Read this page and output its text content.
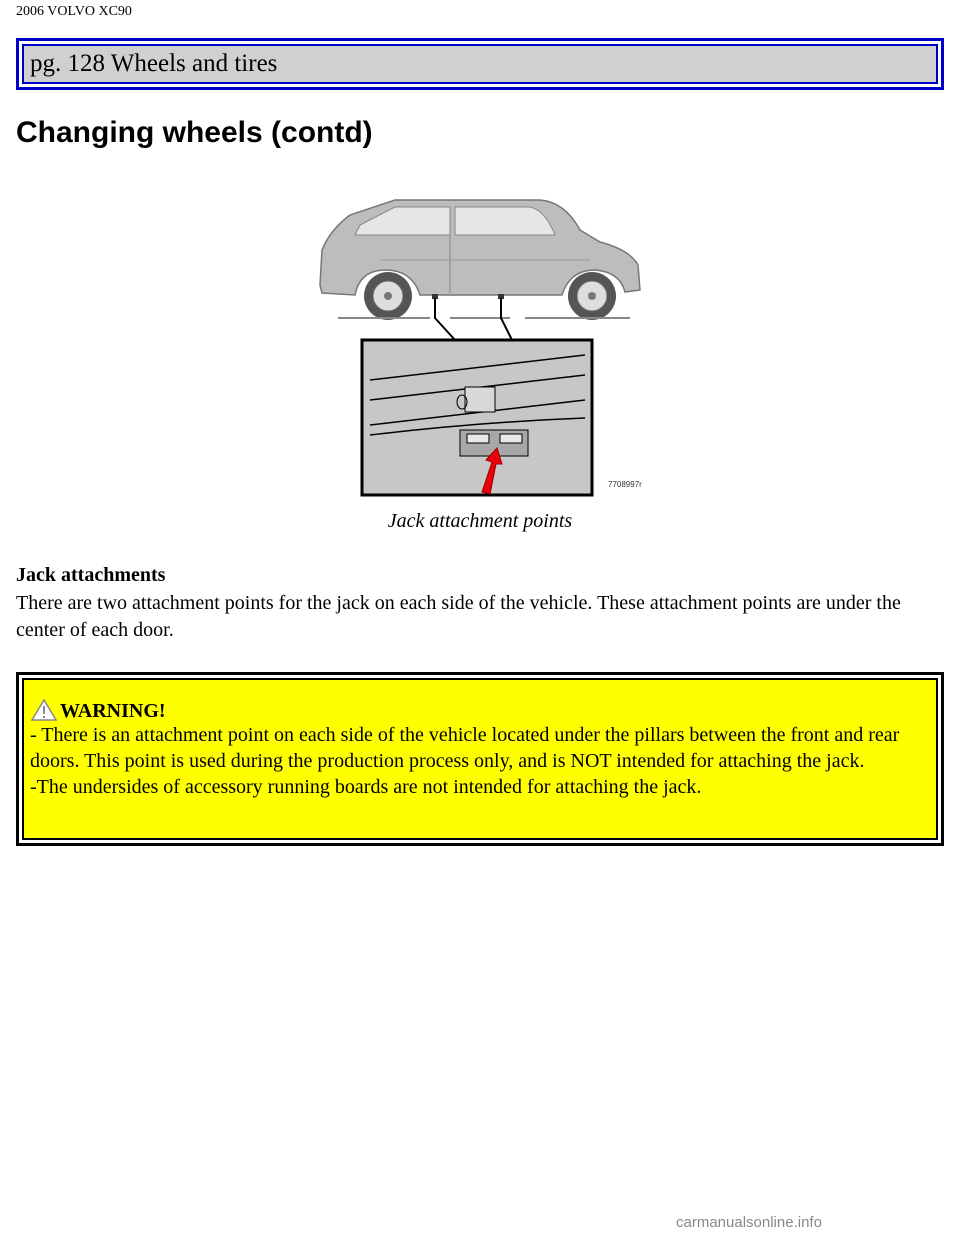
2006 VOLVO XC90
pg. 128 Wheels and tires
Changing wheels (contd)
7708997r
Jack attachment points
Jack attachments

There are two attachment points for the jack on each side of the vehicle. These attachment points are under the center of each door.

WARNING!

- There is an attachment point on each side of the vehicle located under the pillars between the front and rear doors. This point is used during the production process only, and is NOT intended for attaching the jack.

-The undersides of accessory running boards are not intended for attaching the jack.

carmanualsonline.info
